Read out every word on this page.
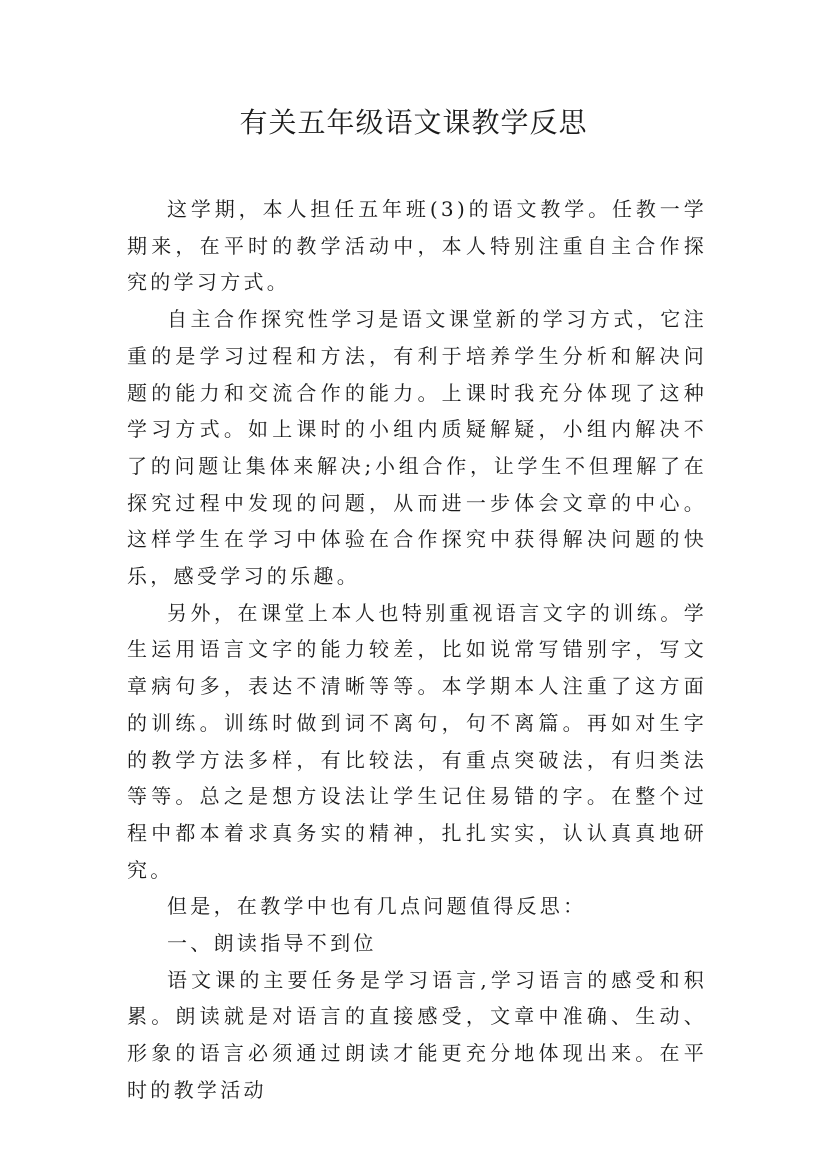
有关五年级语文课教学反思

这学期，本人担任五年班(3)的语文教学。任教一学期来，在平时的教学活动中，本人特别注重自主合作探究的学习方式。

自主合作探究性学习是语文课堂新的学习方式，它注重的是学习过程和方法，有利于培养学生分析和解决问题的能力和交流合作的能力。上课时我充分体现了这种学习方式。如上课时的小组内质疑解疑，小组内解决不了的问题让集体来解决;小组合作，让学生不但理解了在探究过程中发现的问题，从而进一步体会文章的中心。这样学生在学习中体验在合作探究中获得解决问题的快乐，感受学习的乐趣。

另外，在课堂上本人也特别重视语言文字的训练。学生运用语言文字的能力较差，比如说常写错别字，写文章病句多，表达不清晰等等。本学期本人注重了这方面的训练。训练时做到词不离句，句不离篇。再如对生字的教学方法多样，有比较法，有重点突破法，有归类法等等。总之是想方设法让学生记住易错的字。在整个过程中都本着求真务实的精神，扎扎实实，认认真真地研究。

但是，在教学中也有几点问题值得反思：

一、朗读指导不到位

语文课的主要任务是学习语言,学习语言的感受和积累。朗读就是对语言的直接感受，文章中准确、生动、形象的语言必须通过朗读才能更充分地体现出来。在平时的教学活动
